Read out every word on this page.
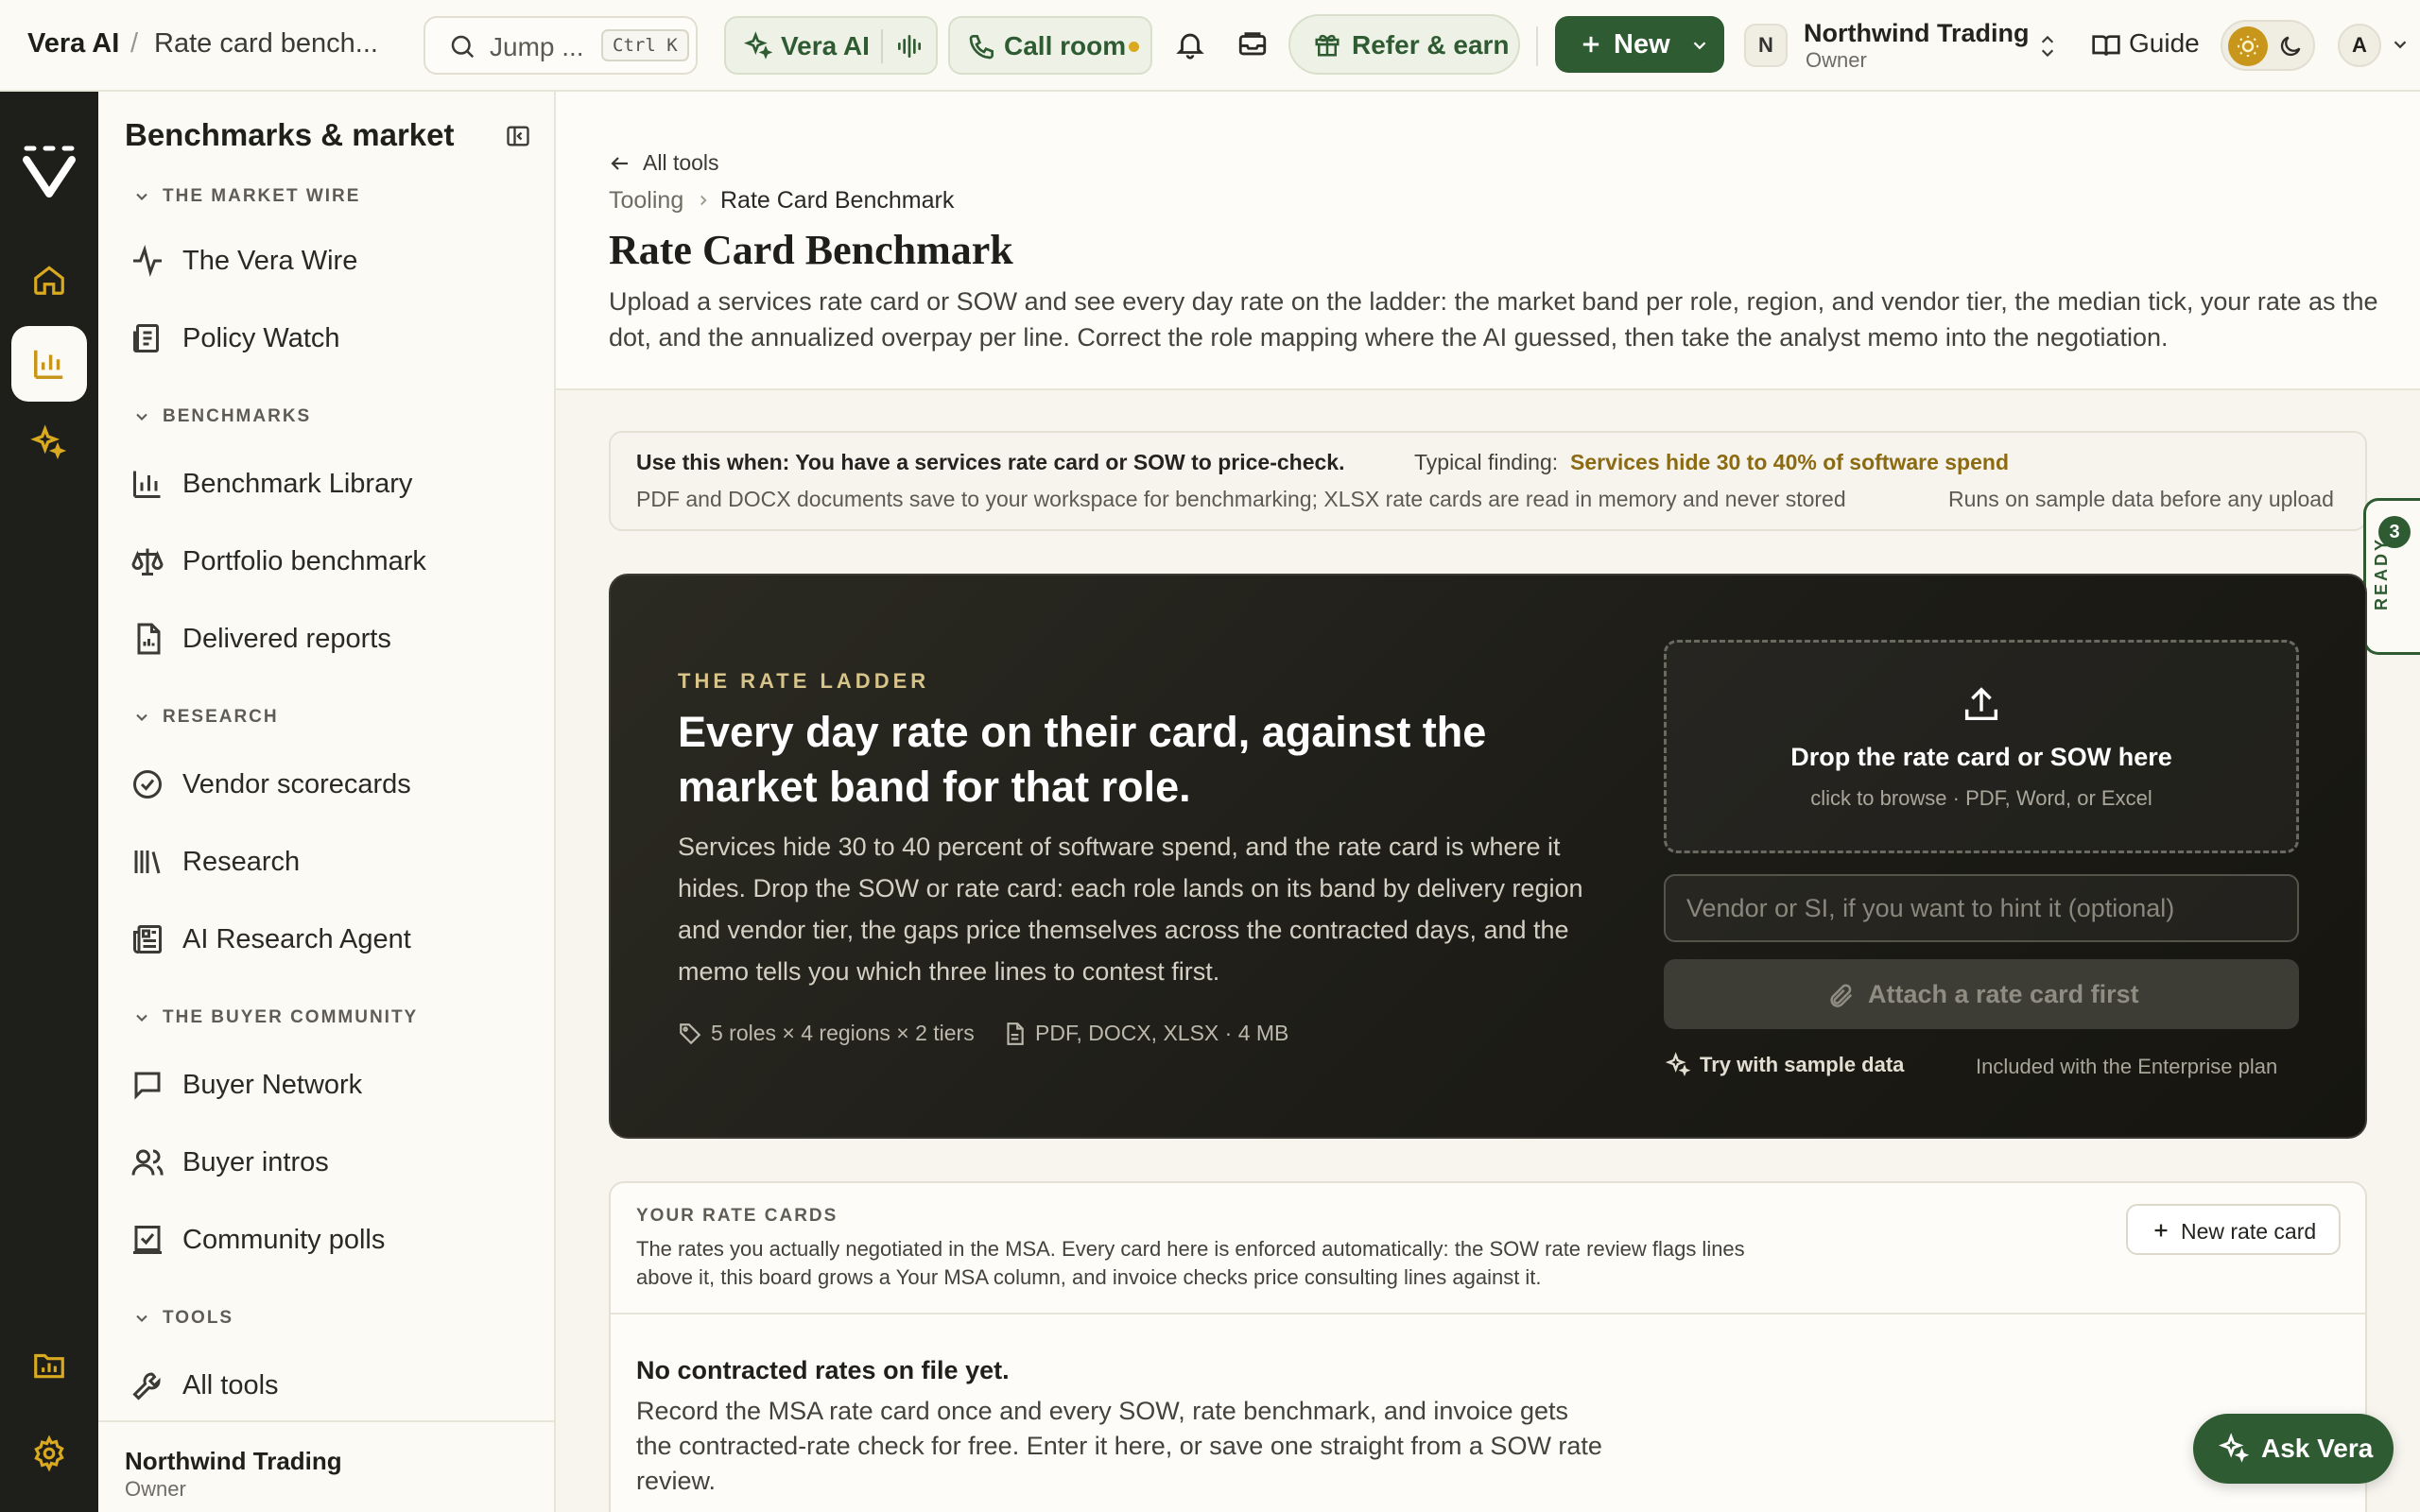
Vera AI / Rate card bench...	Jump ...	Ctrl K	Vera AI	Call room	Refer & earn	New	N	Northwind Trading
Owner
Guide	A
Benchmarks & market
THE MARKET WIRE
The Vera Wire
Policy Watch
BENCHMARKS
Benchmark Library
Portfolio benchmark
Delivered reports
RESEARCH
Vendor scorecards
Research
AI Research Agent
THE BUYER COMMUNITY
Buyer Network
Buyer intros
Community polls
TOOLS
All tools
Northwind Trading
Owner
All tools
Tooling Rate Card Benchmark
Rate Card Benchmark
Upload a services rate card or SOW and see every day rate on the ladder: the market band per role, region, and vendor tier, the median tick, your rate as the dot, and the annualized overpay per line. Correct the role mapping where the AI guessed, then take the analyst memo into the negotiation.
Use this when: You have a services rate card or SOW to price-check.	Typical finding: Services hide 30 to 40% of software spend
PDF and DOCX documents save to your workspace for benchmarking; XLSX rate cards are read in memory and never stored	Runs on sample data before any upload
3
READY
THE RATE LADDER
Every day rate on their card, against the market band for that role.
Services hide 30 to 40 percent of software spend, and the rate card is where it hides. Drop the SOW or rate card: each role lands on its band by delivery region and vendor tier, the gaps price themselves across the contracted days, and the memo tells you which three lines to contest first.
5 roles × 4 regions × 2 tiers	PDF, DOCX, XLSX · 4 MB
Drop the rate card or SOW here
click to browse · PDF, Word, or Excel
Vendor or SI, if you want to hint it (optional)
Attach a rate card first
Try with sample data	Included with the Enterprise plan
YOUR RATE CARDS
The rates you actually negotiated in the MSA. Every card here is enforced automatically: the SOW rate review flags lines above it, this board grows a Your MSA column, and invoice checks price consulting lines against it.
New rate card
No contracted rates on file yet.
Record the MSA rate card once and every SOW, rate benchmark, and invoice gets the contracted-rate check for free. Enter it here, or save one straight from a SOW rate review.
Ask Vera
